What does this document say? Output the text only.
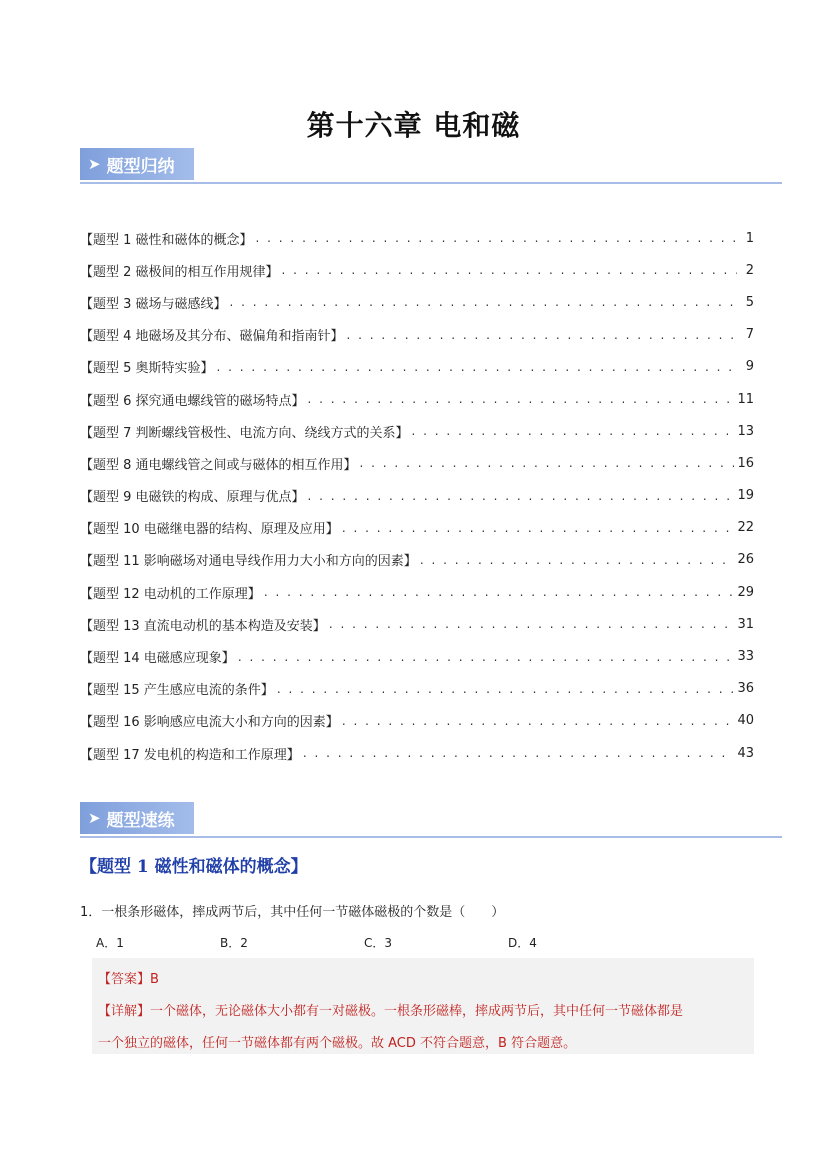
第十六章 电和磁
➤ 题型归纳
【题型 1 磁性和磁体的概念】 . . .	1
【题型 2 磁极间的相互作用规律】 . . .	2
【题型 3 磁场与磁感线】 . . .	5
【题型 4 地磁场及其分布、磁偏角和指南针】 . . .	7
【题型 5 奥斯特实验】 . . .	9
【题型 6 探究通电螺线管的磁场特点】 . . .	11
【题型 7 判断螺线管极性、电流方向、绕线方式的关系】 . . .	13
【题型 8 通电螺线管之间或与磁体的相互作用】 . . .	16
【题型 9 电磁铁的构成、原理与优点】 . . .	19
【题型 10 电磁继电器的结构、原理及应用】 . . .	22
【题型 11 影响磁场对通电导线作用力大小和方向的因素】 . . .	26
【题型 12 电动机的工作原理】 . . .	29
【题型 13 直流电动机的基本构造及安装】 . . .	31
【题型 14 电磁感应现象】 . . .	33
【题型 15 产生感应电流的条件】 . . .	36
【题型 16 影响感应电流大小和方向的因素】 . . .	40
【题型 17 发电机的构造和工作原理】 . . .	43
➤ 题型速练
【题型 1 磁性和磁体的概念】
1．一根条形磁体，摔成两节后，其中任何一节磁体磁极的个数是（　　）
A．1	B．2	C．3	D．4
【答案】B
【详解】一个磁体，无论磁体大小都有一对磁极。一根条形磁棒，摔成两节后，其中任何一节磁体都是
一个独立的磁体，任何一节磁体都有两个磁极。故 ACD 不符合题意，B 符合题意。
